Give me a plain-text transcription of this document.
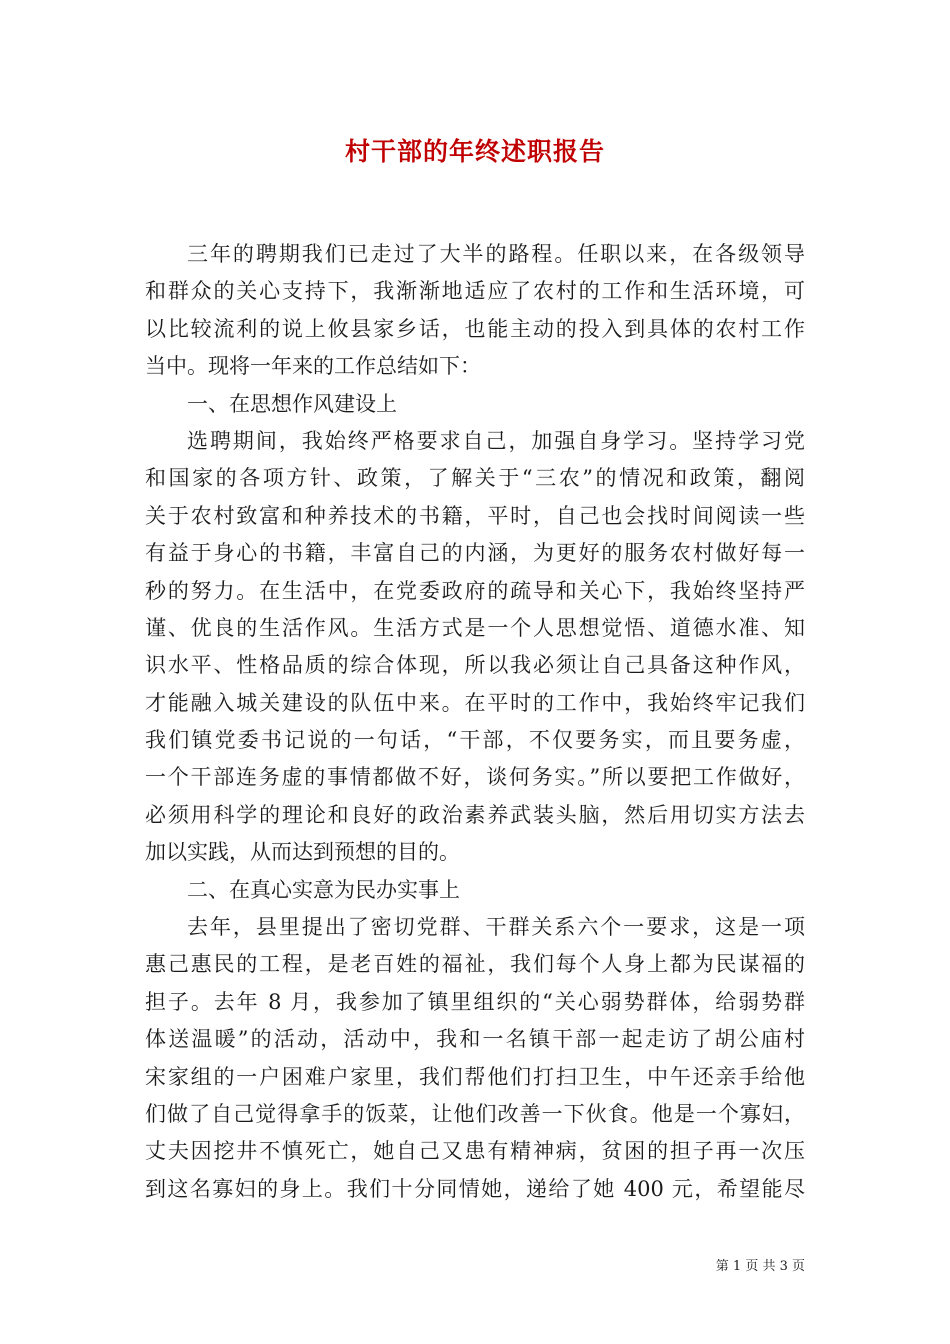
村干部的年终述职报告
三年的聘期我们已走过了大半的路程。任职以来，在各级领导
和群众的关心支持下，我渐渐地适应了农村的工作和生活环境，可
以比较流利的说上攸县家乡话，也能主动的投入到具体的农村工作
当中。现将一年来的工作总结如下：
一、在思想作风建设上
选聘期间，我始终严格要求自己，加强自身学习。坚持学习党
和国家的各项方针、政策，了解关于“三农”的情况和政策，翻阅
关于农村致富和种养技术的书籍，平时，自己也会找时间阅读一些
有益于身心的书籍，丰富自己的内涵，为更好的服务农村做好每一
秒的努力。在生活中，在党委政府的疏导和关心下，我始终坚持严
谨、优良的生活作风。生活方式是一个人思想觉悟、道德水准、知
识水平、性格品质的综合体现，所以我必须让自己具备这种作风，
才能融入城关建设的队伍中来。在平时的工作中，我始终牢记我们
我们镇党委书记说的一句话，“干部，不仅要务实，而且要务虚，
一个干部连务虚的事情都做不好，谈何务实。”所以要把工作做好，
必须用科学的理论和良好的政治素养武装头脑，然后用切实方法去
加以实践，从而达到预想的目的。
二、在真心实意为民办实事上
去年，县里提出了密切党群、干群关系六个一要求，这是一项
惠己惠民的工程，是老百姓的福祉，我们每个人身上都为民谋福的
担子。去年 8 月，我参加了镇里组织的“关心弱势群体，给弱势群
体送温暖”的活动，活动中，我和一名镇干部一起走访了胡公庙村
宋家组的一户困难户家里，我们帮他们打扫卫生，中午还亲手给他
们做了自己觉得拿手的饭菜，让他们改善一下伙食。他是一个寡妇，
丈夫因挖井不慎死亡，她自己又患有精神病，贫困的担子再一次压
到这名寡妇的身上。我们十分同情她，递给了她 400 元，希望能尽
第 1 页 共 3 页
